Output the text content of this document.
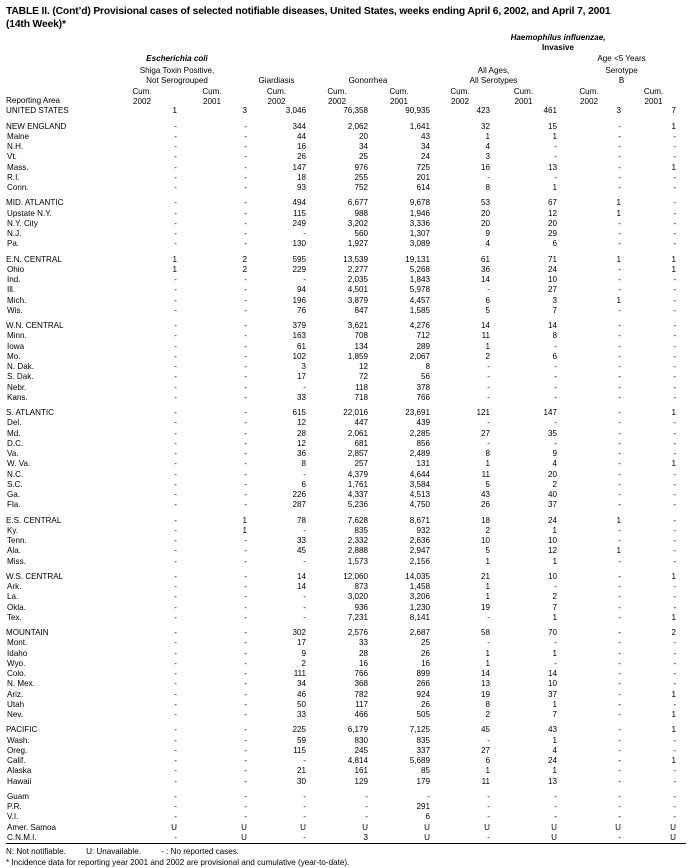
TABLE II. (Cont’d) Provisional cases of selected notifiable diseases, United States, weeks ending April 6, 2002, and April 7, 2001
(14th Week)*

						Haemophilus influenzae,
Invasive			

	Escherichia coli							Age <5 Years	

Shiga Toxin Positive,
Not Serogrouped	Giardiasis	Gonorrhea	
All Ages,
All Serotypes

Serotype
B

Reporting Area	
Cum.
2002

Cum.
2001

Cum.
2002

Cum.
2002

Cum.
2001

Cum.
2002

Cum.
2001

Cum.
2002

Cum.
2001

UNITED STATES	1	3	3,046	76,358	90,935	423	461	3	7

NEW ENGLAND	-	-	344	2,062	1,641	32	15	-	1
Maine	-	-	44	20	43	1	1	-	-
N.H.	-	-	16	34	34	4	-	-	-
Vt.	-	-	26	25	24	3	-	-	-
Mass.	-	-	147	976	725	16	13	-	1
R.I.	-	-	18	255	201	-	-	-	-
Conn.	-	-	93	752	614	8	1	-	-

MID. ATLANTIC	-	-	494	6,677	9,678	53	67	1	-
Upstate N.Y.	-	-	115	988	1,946	20	12	1	-
N.Y. City	-	-	249	3,202	3,336	20	20	-	-
N.J.	-	-	-	560	1,307	9	29	-	-
Pa.	-	-	130	1,927	3,089	4	6	-	-

E.N. CENTRAL	1	2	595	13,539	19,131	61	71	1	1
Ohio	1	2	229	2,277	5,268	36	24	-	1
Ind.	-	-	-	2,035	1,843	14	10	-	-
Ill.	-	-	94	4,501	5,978	-	27	-	-
Mich.	-	-	196	3,879	4,457	6	3	1	-
Wis.	-	-	76	847	1,585	5	7	-	-

W.N. CENTRAL	-	-	379	3,621	4,276	14	14	-	-
Minn.	-	-	163	708	712	11	8	-	-
Iowa	-	-	61	134	289	1	-	-	-
Mo.	-	-	102	1,859	2,067	2	6	-	-
N. Dak.	-	-	3	12	8	-	-	-	-
S. Dak.	-	-	17	72	56	-	-	-	-
Nebr.	-	-	-	118	378	-	-	-	-
Kans.	-	-	33	718	766	-	-	-	-

S. ATLANTIC	-	-	615	22,016	23,691	121	147	-	1
Del.	-	-	12	447	439	-	-	-	-
Md.	-	-	28	2,061	2,285	27	35	-	-
D.C.	-	-	12	681	856	-	-	-	-
Va.	-	-	36	2,857	2,489	8	9	-	-
W. Va.	-	-	8	257	131	1	4	-	1
N.C.	-	-	-	4,379	4,644	11	20	-	-
S.C.	-	-	6	1,761	3,584	5	2	-	-
Ga.	-	-	226	4,337	4,513	43	40	-	-
Fla.	-	-	287	5,236	4,750	26	37	-	-

E.S. CENTRAL	-	1	78	7,628	8,671	18	24	1	-
Ky.	-	1	-	835	932	2	1	-	-
Tenn.	-	-	33	2,332	2,636	10	10	-	-
Ala.	-	-	45	2,888	2,947	5	12	1	-
Miss.	-	-	-	1,573	2,156	1	1	-	-

W.S. CENTRAL	-	-	14	12,060	14,035	21	10	-	1
Ark.	-	-	14	873	1,458	1	-	-	-
La.	-	-	-	3,020	3,206	1	2	-	-
Okla.	-	-	-	936	1,230	19	7	-	-
Tex.	-	-	-	7,231	8,141	-	1	-	1

MOUNTAIN	-	-	302	2,576	2,687	58	70	-	2
Mont.	-	-	17	33	25	-	-	-	-
Idaho	-	-	9	28	26	1	1	-	-
Wyo.	-	-	2	16	16	1	-	-	-
Colo.	-	-	111	766	899	14	14	-	-
N. Mex.	-	-	34	368	266	13	10	-	-
Ariz.	-	-	46	782	924	19	37	-	1
Utah	-	-	50	117	26	8	1	-	-
Nev.	-	-	33	466	505	2	7	-	1

PACIFIC	-	-	225	6,179	7,125	45	43	-	1
Wash.	-	-	59	830	835	-	1	-	-
Oreg.	-	-	115	245	337	27	4	-	-
Calif.	-	-	-	4,814	5,689	6	24	-	1
Alaska	-	-	21	161	85	1	1	-	-
Hawaii	-	-	30	129	179	11	13	-	-

Guam	-	-	-	-	-	-	-	-	-
P.R.	-	-	-	-	291	-	-	-	-
V.I.	-	-	-	-	6	-	-	-	-
Amer. Samoa	U	U	U	U	U	U	U	U	U
C.N.M.I.	-	U	-	3	U	-	U	-	U
N: Not notifiable.         U: Unavailable.         - : No reported cases.
* Incidence data for reporting year 2001 and 2002 are provisional and cumulative (year-to-date).
